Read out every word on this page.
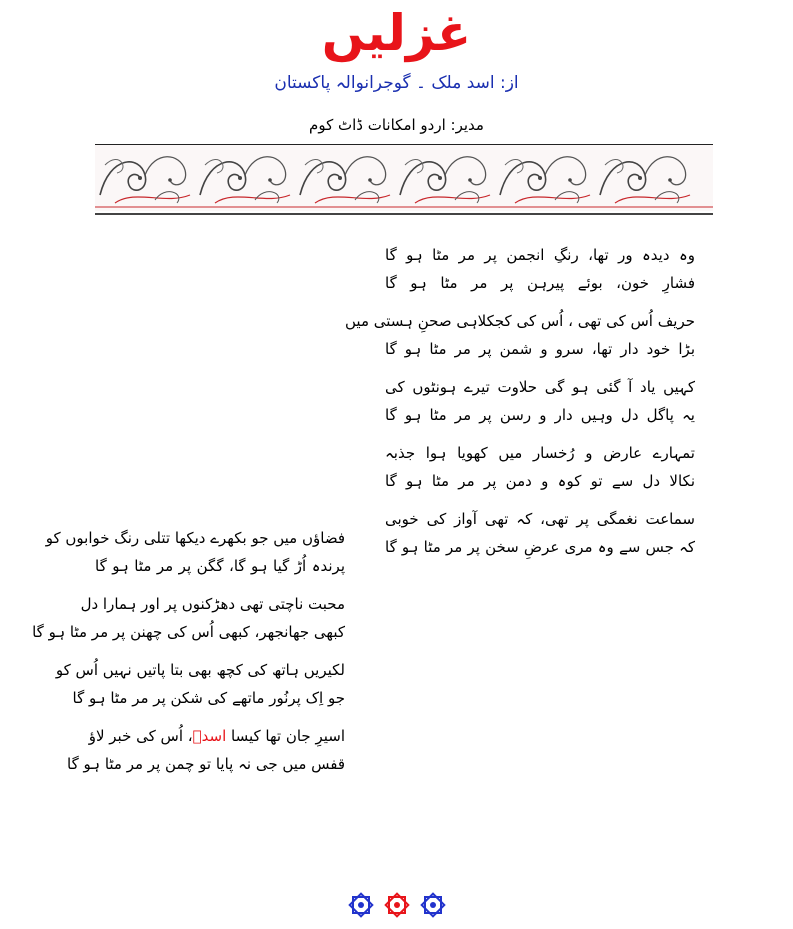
غزلیں
از: اسد ملک ۔ گوجرانوالہ پاکستان
مدیر: اردو امکانات ڈاٹ کوم
وہ دیدہ ور تھا، رنگِ انجمن پر مر مٹا ہو گا
فشارِ خون، بوئے پیرہن پر مر مٹا ہو گا
حریف اُس کی تھی ، اُس کی کجکلاہی صحنِ ہستی میں
بڑا خود دار تھا، سرو و شمن پر مر مٹا ہو گا
کہیں یاد آ گئی ہو گی حلاوت تیرے ہونٹوں کی
یہ پاگل دل وہیں دار و رسن پر مر مٹا ہو گا
تمہارے عارض و رُخسار میں کھویا ہوا جذبہ
نکالا دل سے تو کوہ و دمن پر مر مٹا ہو گا
سماعت نغمگی پر تھی، کہ تھی آواز کی خوبی
کہ جس سے وہ مری عرضِ سخن پر مر مٹا ہو گا
فضاؤں میں جو بکھرے دیکھا تتلی رنگ خوابوں کو
پرندہ اُڑ گیا ہو گا، گگن پر مر مٹا ہو گا
محبت ناچتی تھی دھڑکنوں پر اور ہمارا دل
کبھی جھانجھر، کبھی اُس کی چھنن پر مر مٹا ہو گا
لکیریں ہاتھ کی کچھ بھی بتا پاتیں نہیں اُس کو
جو اِک پرنُور ماتھے کی شکن پر مر مٹا ہو گا
اسیرِ جان تھا کیسا اسدؔ، اُس کی خبر لاؤ
قفس میں جی نہ پایا تو چمن پر مر مٹا ہو گا
